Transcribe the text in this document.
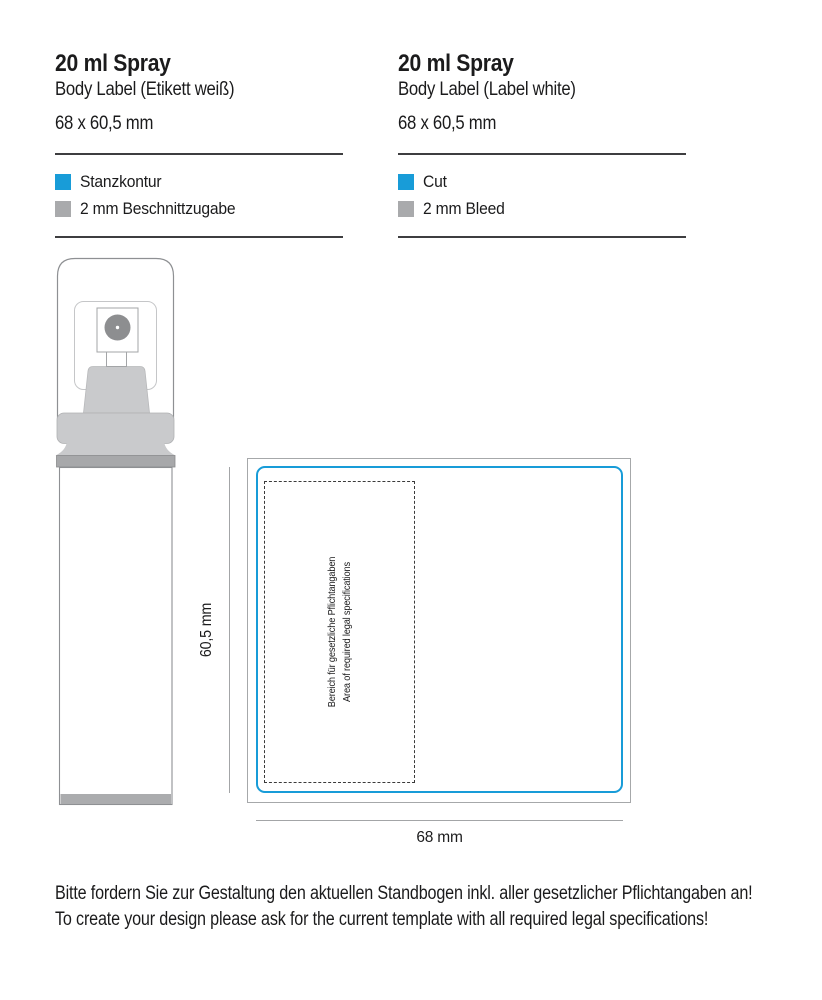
20 ml Spray
Body Label (Etikett weiß)
68 x 60,5 mm
Stanzkontur
2 mm Beschnittzugabe
20 ml Spray
Body Label (Label white)
68 x 60,5 mm
Cut
2 mm Bleed
Bereich für gesetzliche Pflichtangaben Area of required legal specifications
60,5 mm
68 mm
Bitte fordern Sie zur Gestaltung den aktuellen Standbogen inkl. aller gesetzlicher Pflichtangaben an!
To create your design please ask for the current template with all required legal specifications!
